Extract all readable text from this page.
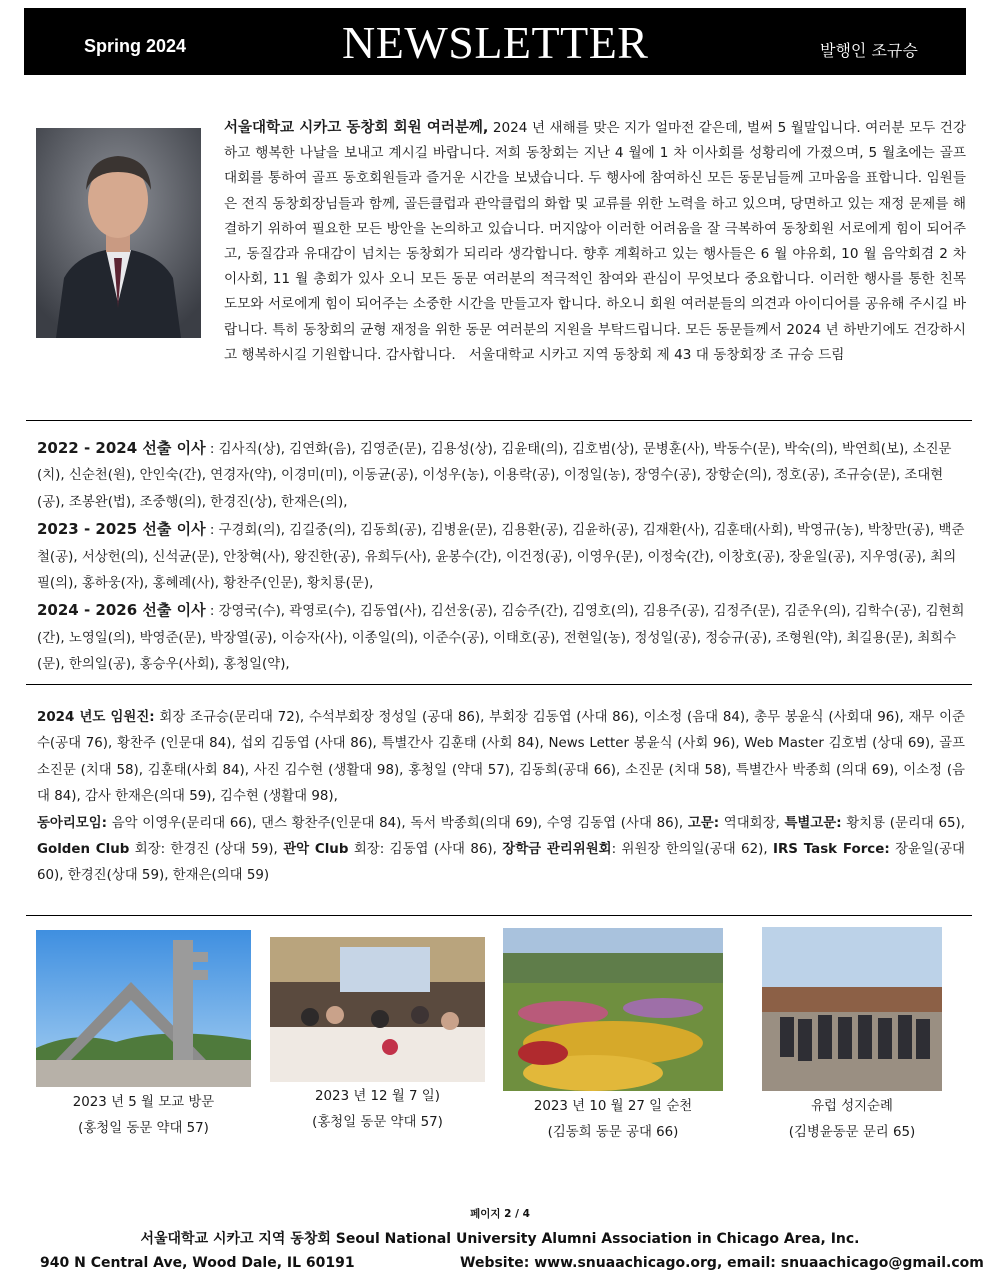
Spring 2024	NEWSLETTER	발행인 조규승
서울대학교 시카고 동창회 회원 여러분께, 2024 년 새해를 맞은 지가 얼마전 같은데, 벌써 5 월말입니다. 여러분 모두 건강하고 행복한 나날을 보내고 계시길 바랍니다. 저희 동창회는 지난 4 월에 1 차 이사회를 성황리에 가졌으며, 5 월초에는 골프대회를 통하여 골프 동호회원들과 즐거운 시간을 보냈습니다. 두 행사에 참여하신 모든 동문님들께 고마움을 표합니다. 임원들은 전직 동창회장님들과 함께, 골든클럽과 관악클럽의 화합 및 교류를 위한 노력을 하고 있으며, 당면하고 있는 재정 문제를 해결하기 위하여 필요한 모든 방안을 논의하고 있습니다. 머지않아 이러한 어려움을 잘 극복하여 동창회원 서로에게 힘이 되어주고, 동질감과 유대감이 넘치는 동창회가 되리라 생각합니다. 향후 계획하고 있는 행사들은 6 월 야유회, 10 월 음악회겸 2 차 이사회, 11 월 총회가 있사 오니 모든 동문 여러분의 적극적인 참여와 관심이 무엇보다 중요합니다. 이러한 행사를 통한 친목 도모와 서로에게 힘이 되어주는 소중한 시간을 만들고자 합니다. 하오니 회원 여러분들의 의견과 아이디어를 공유해 주시길 바랍니다. 특히 동창회의 균형 재정을 위한 동문 여러분의 지원을 부탁드립니다. 모든 동문들께서 2024 년 하반기에도 건강하시고 행복하시길 기원합니다. 감사합니다. 서울대학교 시카고 지역 동창회 제 43 대 동창회장 조 규승 드림

2022 - 2024 선출 이사 : 김사직(상), 김연화(음), 김영준(문), 김용성(상), 김윤태(의), 김호범(상), 문병훈(사), 박동수(문), 박숙(의), 박연희(보), 소진문(치), 신순천(원), 안인숙(간), 연경자(약), 이경미(미), 이동균(공), 이성우(농), 이용락(공), 이정일(농), 장영수(공), 장항순(의), 정호(공), 조규승(문), 조대현(공), 조봉완(법), 조중행(의), 한경진(상), 한재은(의),

2023 - 2025 선출 이사 : 구경회(의), 김길중(의), 김동희(공), 김병윤(문), 김용환(공), 김윤하(공), 김재환(사), 김훈태(사회), 박영규(농), 박창만(공), 백준철(공), 서상헌(의), 신석균(문), 안창혁(사), 왕진한(공), 유희두(사), 윤봉수(간), 이건정(공), 이영우(문), 이정숙(간), 이창호(공), 장윤일(공), 지우영(공), 최의필(의), 홍하웅(자), 홍혜례(사), 황찬주(인문), 황치룡(문),

2024 - 2026 선출 이사 : 강영국(수), 곽영로(수), 김동엽(사), 김선웅(공), 김승주(간), 김영호(의), 김용주(공), 김정주(문), 김준우(의), 김학수(공), 김현희(간), 노영일(의), 박영준(문), 박장열(공), 이승자(사), 이종일(의), 이준수(공), 이태호(공), 전현일(농), 정성일(공), 정승규(공), 조형원(약), 최길용(문), 최희수(문), 한의일(공), 홍승우(사회), 홍청일(약),

2024 년도 임원진: 회장 조규승(문리대 72), 수석부회장 정성일 (공대 86), 부회장 김동엽 (사대 86), 이소정 (음대 84), 총무 봉윤식 (사회대 96), 재무 이준수(공대 76), 황찬주 (인문대 84), 섭외 김동엽 (사대 86), 특별간사 김훈태 (사회 84), News Letter 봉윤식 (사회 96), Web Master 김호범 (상대 69), 골프 소진문 (치대 58), 김훈태(사회 84), 사진 김수현 (생활대 98), 홍청일 (약대 57), 김동희(공대 66), 소진문 (치대 58), 특별간사 박종희 (의대 69), 이소정 (음대 84), 감사 한재은(의대 59), 김수현 (생활대 98),
동아리모임: 음악 이영우(문리대 66), 댄스 황찬주(인문대 84), 독서 박종희(의대 69), 수영 김동엽 (사대 86), 고문: 역대회장, 특별고문: 황치룡 (문리대 65), Golden Club 회장: 한경진 (상대 59), 관악 Club 회장: 김동엽 (사대 86), 장학금 관리위원회: 위원장 한의일(공대 62), IRS Task Force: 장윤일(공대 60), 한경진(상대 59), 한재은(의대 59)
2023 년 5 월 모교 방문
(홍청일 동문 약대 57)
2023 년 12 월 7 일)
(홍청일 동문 약대 57)
2023 년 10 월 27 일 순천
(김동희 동문 공대 66)
유럽 성지순례
(김병윤동문 문리 65)
페이지 2 / 4
서울대학교 시카고 지역 동창회 Seoul National University Alumni Association in Chicago Area, Inc.
940 N Central Ave, Wood Dale, IL 60191	Website: www.snuaachicago.org, email: snuaachicago@gmail.com
